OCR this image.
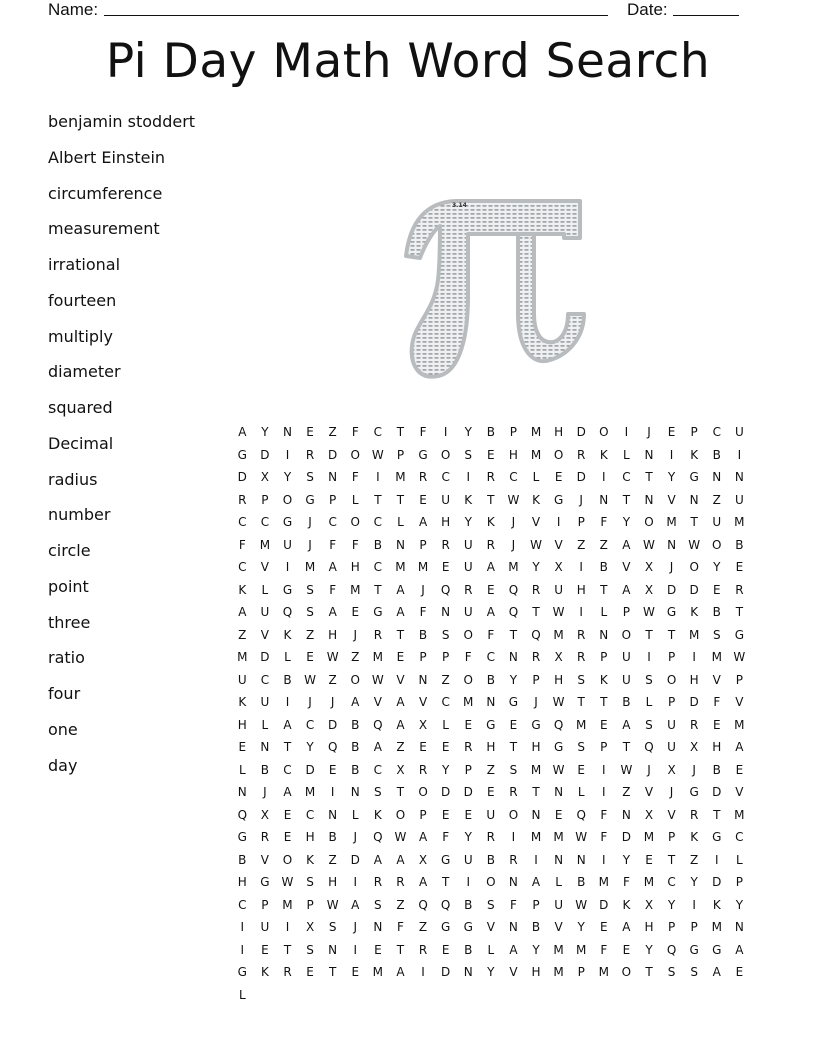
Name:	Date:
Pi Day Math Word Search
benjamin stoddert
Albert Einstein
circumference
measurement
irrational
fourteen
multiply
diameter
squared
Decimal
radius
number
circle
point
three
ratio
four
one
day
3.14
A	Y	N	E	Z	F	C	T	F	I	Y	B	P	M	H	D	O	I	J	E	P	C	U
G	D	I	R	D	O W	P	G	O	S	E	H	M	O	R	K	L	N	I	K	B	I
D	X	Y	S	N	F	I	M	R	C	I	R	C	L	E	D	I	C	T	Y	G	N	N
R	P	O	G	P	L	T	T	E	U	K	T	W	K	G	J	N	T	N	V	N	Z	U
C	C	G	J	C	O	C	L	A	H	Y	K	J	V	I	P	F	Y	O	M	T	U	M
F	M	U	J	F	F	B	N	P	R	U	R	J	W	V	Z	Z	A	W	N	W O	B
C	V	I	M	A	H	C	M	M	E	U	A	M	Y	X	I	B	V	X	J	O	Y	E
K	L	G	S	F	M	T	A	J	Q	R	E	Q	R	U	H	T	A	X	D	D	E	R
A	U	Q	S	A	E	G	A	F	N	U	A	Q	T	W	I	L	P	W	G	K	B	T
Z	V	K	Z	H	J	R	T	B	S	O	F	T	Q	M	R	N	O	T	T	M	S	G
M	D	L	E	W	Z	M	E	P	P	F	C	N	R	X	R	P	U	I	P	I	M W
U	C	B	W	Z	O W	V	N	Z	O	B	Y	P	H	S	K	U	S	O	H	V	P
K	U	I	J	J	A	V	A	V	C	M	N	G	J	W	T	T	B	L	P	D	F	V
H	L	A	C	D	B	Q	A	X	L	E	G	E	G	Q	M	E	A	S	U	R	E	M
E	N	T	Y	Q	B	A	Z	E	E	R	H	T	H	G	S	P	T	Q	U	X	H	A
L	B	C	D	E	B	C	X	R	Y	P	Z	S	M W	E	I	W	J	X	J	B	E
N	J	A	M	I	N	S	T	O	D	D	E	R	T	N	L	I	Z	V	J	G	D	V
Q	X	E	C	N	L	K	O	P	E	E	U	O	N	E	Q	F	N	X	V	R	T	M
G	R	E	H	B	J	Q W	A	F	Y	R	I	M	M W	F	D	M	P	K	G	C
B	V	O	K	Z	D	A	A	X	G	U	B	R	I	N	N	I	Y	E	T	Z	I	L
H	G	W	S	H	I	R	R	A	T	I	O	N	A	L	B	M	F	M	C	Y	D	P
C	P	M	P	W	A	S	Z	Q	Q	B	S	F	P	U	W	D	K	X	Y	I	K	Y
I	U	I	X	S	J	N	F	Z	G	G	V	N	B	V	Y	E	A	H	P	P	M	N
I	E	T	S	N	I	E	T	R	E	B	L	A	Y	M	M	F	E	Y	Q	G	G	A
G	K	R	E	T	E	M	A	I	D	N	Y	V	H	M	P	M	O	T	S	S	A	E
L
